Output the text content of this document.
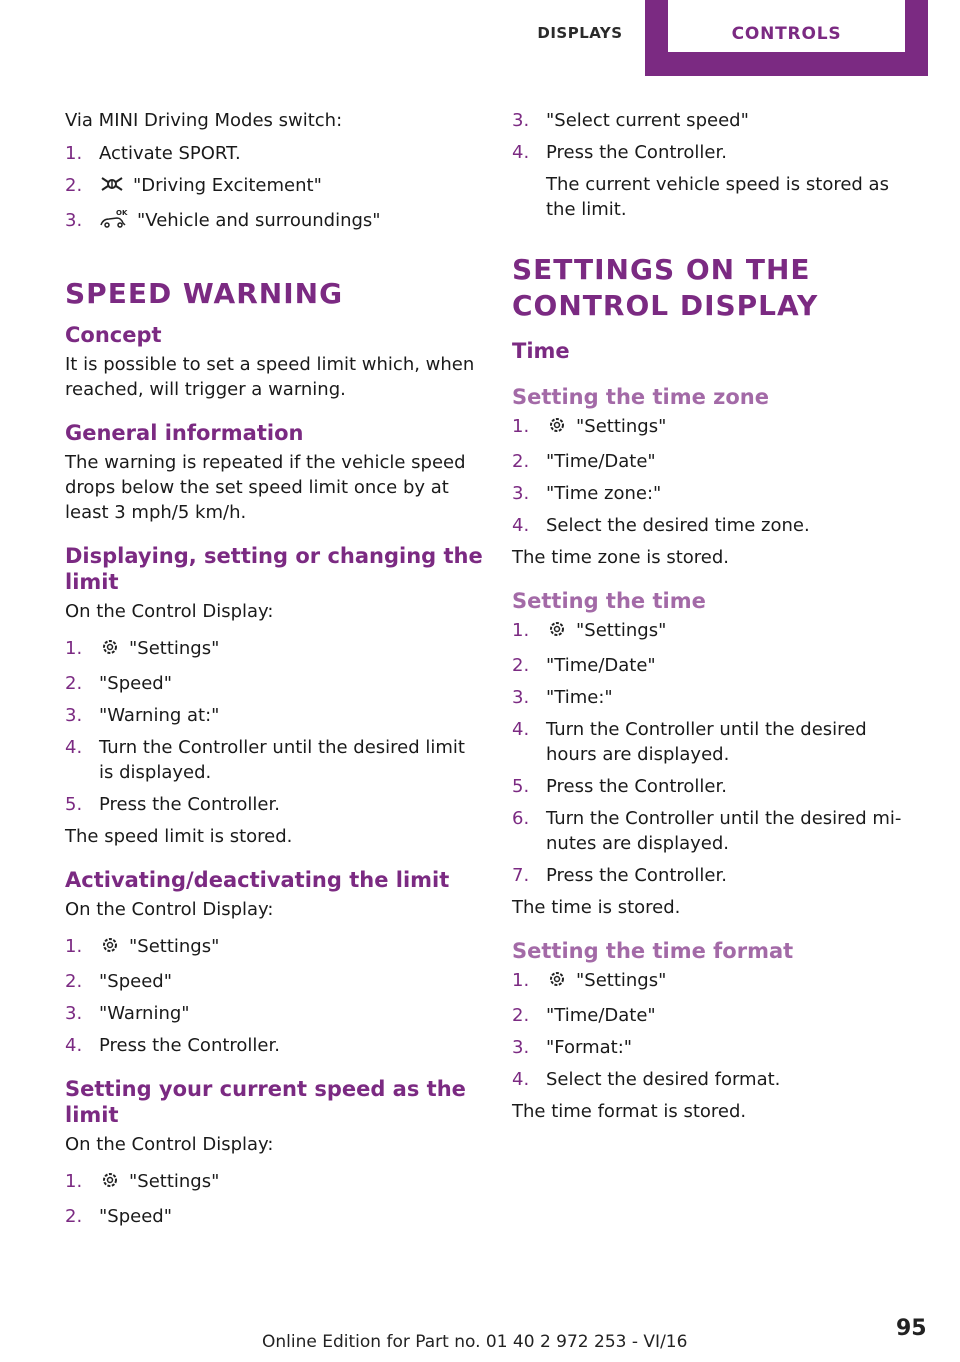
DISPLAYS	CONTROLS

Via MINI Driving Modes switch:

1. Activate SPORT.
2.	"Driving Excitement"
3.	OK "Vehicle and surroundings"
SPEED WARNING
Concept

It is possible to set a speed limit which, when reached, will trigger a warning.

General information

The warning is repeated if the vehicle speed drops below the set speed limit once by at least 3 mph/5 km/h.

Displaying, setting or changing the limit

On the Control Display:

1.	"Settings"
2. "Speed"
3. "Warning at:"
4. Turn the Controller until the desired limit is displayed.
5. Press the Controller.

The speed limit is stored.

Activating/deactivating the limit

On the Control Display:

1.	"Settings"
2. "Speed"
3. "Warning"
4. Press the Controller.
Setting your current speed as the limit

On the Control Display:

1.	"Settings"
2. "Speed"
3. "Select current speed"
4. Press the Controller.

The current vehicle speed is stored as the limit.

SETTINGS ON THE CONTROL DISPLAY
Time
Setting the time zone
1.	"Settings"
2. "Time/Date"
3. "Time zone:"
4. Select the desired time zone.

The time zone is stored.

Setting the time
1.	"Settings"
2. "Time/Date"
3. "Time:"
4. Turn the Controller until the desired hours are displayed.
5. Press the Controller.
6. Turn the Controller until the desired mi‐ nutes are displayed.
7. Press the Controller.

The time is stored.

Setting the time format
1.	"Settings"
2. "Time/Date"
3. "Format:"
4. Select the desired format.

The time format is stored.

Online Edition for Part no. 01 40 2 972 253 - VI/16
95
